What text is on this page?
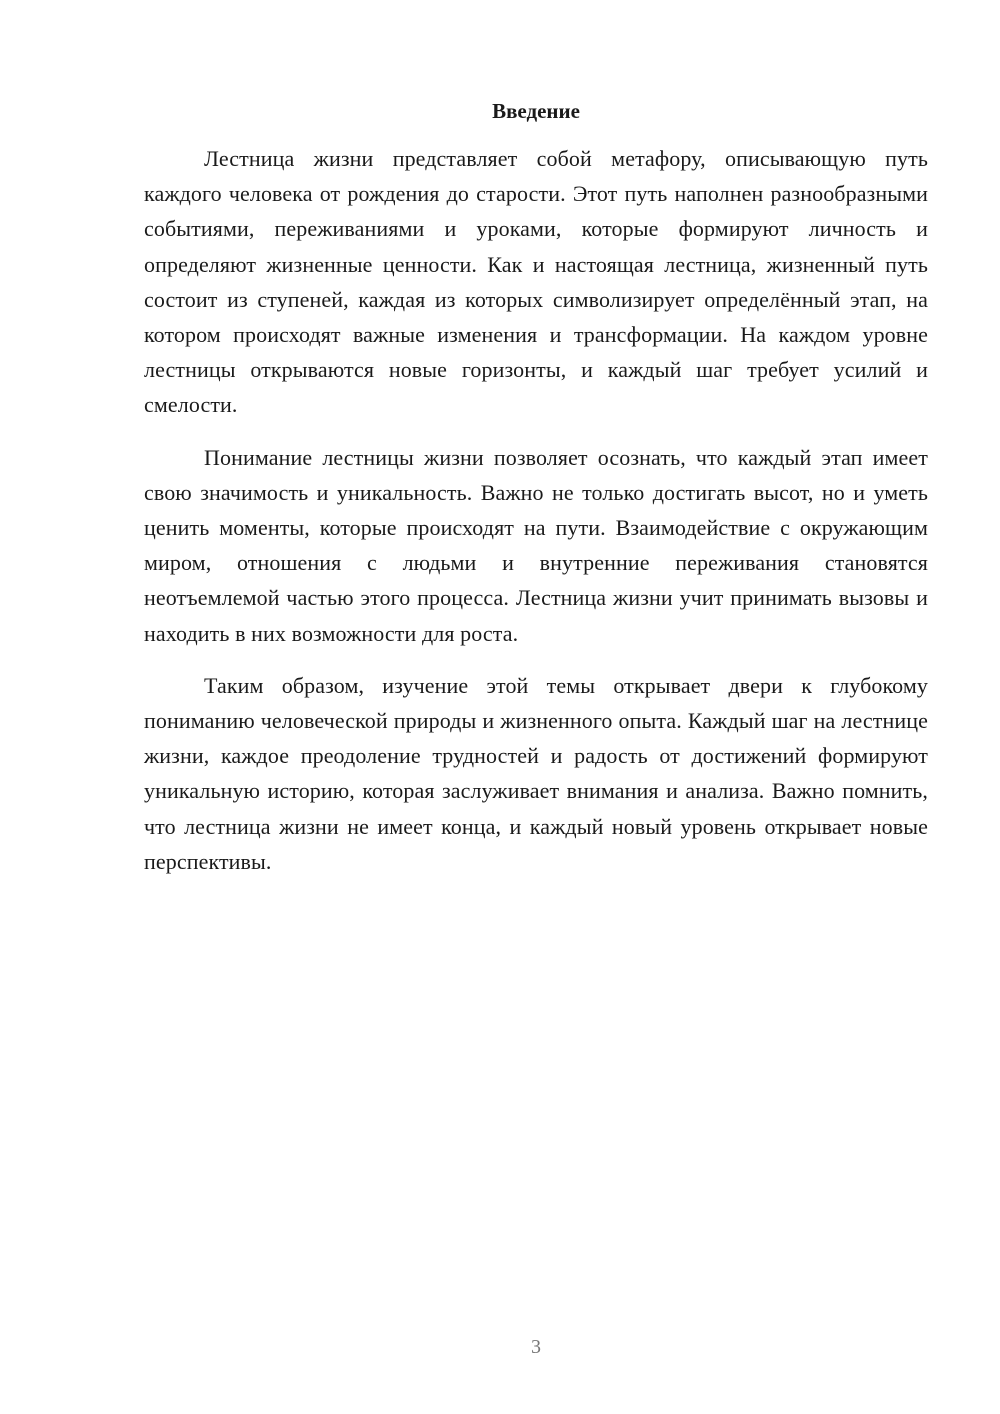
Введение

Лестница жизни представляет собой метафору, описывающую путь каждого человека от рождения до старости. Этот путь наполнен разнообразными событиями, переживаниями и уроками, которые формируют личность и определяют жизненные ценности. Как и настоящая лестница, жизненный путь состоит из ступеней, каждая из которых символизирует определённый этап, на котором происходят важные изменения и трансформации. На каждом уровне лестницы открываются новые горизонты, и каждый шаг требует усилий и смелости.

Понимание лестницы жизни позволяет осознать, что каждый этап имеет свою значимость и уникальность. Важно не только достигать высот, но и уметь ценить моменты, которые происходят на пути. Взаимодействие с окружающим миром, отношения с людьми и внутренние переживания становятся неотъемлемой частью этого процесса. Лестница жизни учит принимать вызовы и находить в них возможности для роста.

Таким образом, изучение этой темы открывает двери к глубокому пониманию человеческой природы и жизненного опыта. Каждый шаг на лестнице жизни, каждое преодоление трудностей и радость от достижений формируют уникальную историю, которая заслуживает внимания и анализа. Важно помнить, что лестница жизни не имеет конца, и каждый новый уровень открывает новые перспективы.

3
